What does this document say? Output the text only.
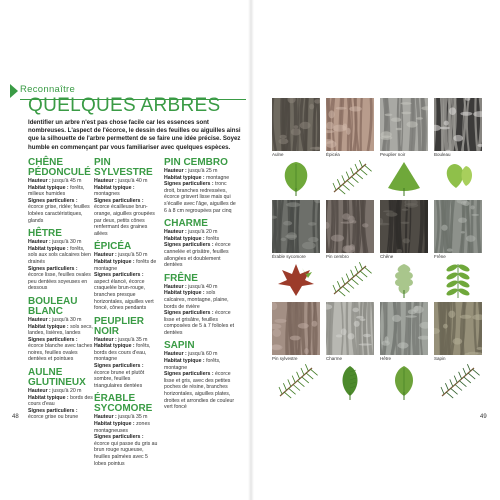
Reconnaître
QUELQUES ARBRES
Identifier un arbre n'est pas chose facile car les essences sont nombreuses. L'aspect de l'écorce, le dessin des feuilles ou aiguilles ainsi que la silhouette de l'arbre permettent de se faire une idée précise. Soyez humble en commençant par vous familiariser avec quelques espèces.
CHÊNE
PÉDONCULÉ
Hauteur : jusqu'à 45 m
Habitat typique : forêts, milieux humides
Signes particuliers : écorce grise, ridée; feuilles lobées caractéristiques, glands
HÊTRE
Hauteur : jusqu'à 30 m
Habitat typique : forêts, sols aux sols calcaires bien drainés
Signes particuliers : écorce lisse, feuilles ovales peu dentées soyeuses en dessous
BOULEAU
BLANC
Hauteur : jusqu'à 30 m
Habitat typique : sols secs, landes, lisières, landes
Signes particuliers : écorce blanche avec taches noires, feuilles ovales dentées et pointues
AULNE
GLUTINEUX
Hauteur : jusqu'à 20 m
Habitat typique : bords des cours d'eau
Signes particuliers : écorce grise ou brune
PIN SYLVESTRE
Hauteur : jusqu'à 40 m
Habitat typique : montagnes
Signes particuliers : écorce écailleuse brun-orange, aiguilles groupées par deux, petits cônes renfermant des graines ailées
ÉPICÉA
Hauteur : jusqu'à 50 m
Habitat typique : forêts de montagne
Signes particuliers : aspect élancé, écorce craquelée brun-rouge, branches presque horizontales, aiguilles vert foncé, cônes pendants
PEUPLIER NOIR
Hauteur : jusqu'à 35 m
Habitat typique : forêts, bords des cours d'eau, montagne
Signes particuliers : écorce brune et plutôt sombre, feuilles triangulaires dentées
ÉRABLE
SYCOMORE
Hauteur : jusqu'à 35 m
Habitat typique : zones montagneuses
Signes particuliers : écorce qui passe du gris au brun rouge rugueuse, feuilles palmées avec 5 lobes pointus
PIN CEMBRO
Hauteur : jusqu'à 25 m
Habitat typique : montagne
Signes particuliers : tronc droit, branches redressées, écorce grisvert lisse mais qui s'écaille avec l'âge, aiguilles de 6 à 8 cm regroupées par cinq
CHARME
Hauteur : jusqu'à 20 m
Habitat typique : forêts
Signes particuliers : écorce cannelée et grisâtre, feuilles allongées et doublement dentées
FRÊNE
Hauteur : jusqu'à 40 m
Habitat typique : sols calcaires, montagne, plaine, bords de rivière
Signes particuliers : écorce lisse et grisâtre, feuilles composées de 5 à 7 folioles et dentées
SAPIN
Hauteur : jusqu'à 60 m
Habitat typique : forêts, montagne
Signes particuliers : écorce lisse et gris, avec des petites poches de résine, branches horizontales, aiguilles plates, droites et arrondies de couleur vert foncé
Aulne	Épicéa	Peuplier noir	Bouleau
Érable sycomore	Pin cembro	Chêne	Frêne
Pin sylvestre	Charme	Hêtre	Sapin
48	49
